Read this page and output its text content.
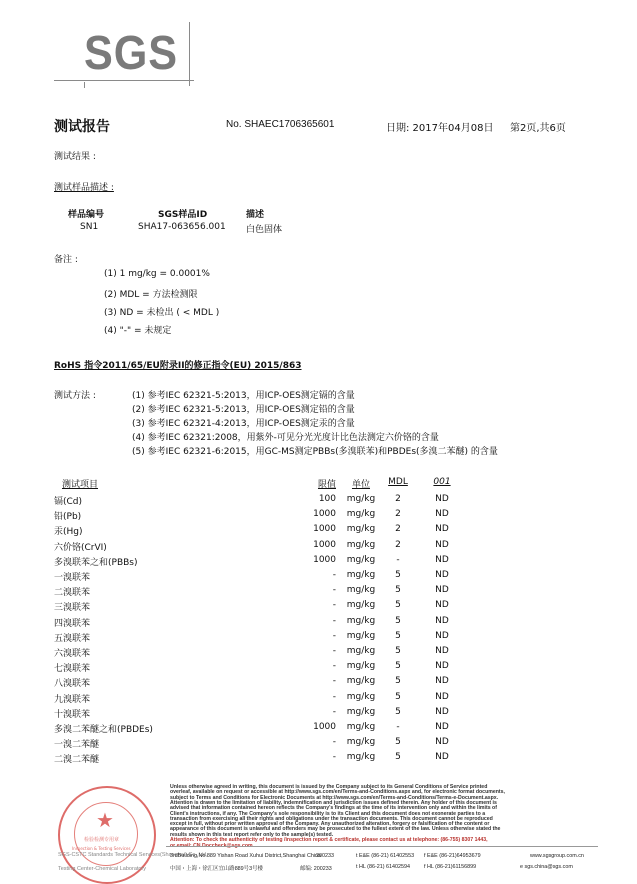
SGS
测试报告	No. SHAEC1706365601	日期: 2017年04月08日 第2页,共6页
测试结果 :
测试样品描述 :
样品编号	SGS样品ID	描述
SN1	SHA17-063656.001 白色固体
备注 :
(1) 1 mg/kg = 0.0001%
(2) MDL = 方法检测限
(3) ND = 未检出 ( < MDL )
(4) "-" = 未规定
RoHS 指令2011/65/EU附录II的修正指令(EU) 2015/863
测试方法 :	(1) 参考IEC 62321-5:2013，用ICP-OES测定镉的含量
(2) 参考IEC 62321-5:2013，用ICP-OES测定铅的含量
(3) 参考IEC 62321-4:2013，用ICP-OES测定汞的含量
(4) 参考IEC 62321:2008，用紫外-可见分光光度计比色法测定六价铬的含量
(5) 参考IEC 62321-6:2015，用GC-MS测定PBBs(多溴联苯)和PBDEs(多溴二苯醚) 的含量
测试项目	限值	单位	MDL	001
镉(Cd)	100	mg/kg	2	ND
铅(Pb)	1000	mg/kg	2	ND
汞(Hg)	1000	mg/kg	2	ND
六价铬(CrVI)	1000	mg/kg	2	ND
多溴联苯之和(PBBs)	1000	mg/kg	-	ND
一溴联苯	-	mg/kg	5	ND
二溴联苯	-	mg/kg	5	ND
三溴联苯	-	mg/kg	5	ND
四溴联苯	-	mg/kg	5	ND
五溴联苯	-	mg/kg	5	ND
六溴联苯	-	mg/kg	5	ND
七溴联苯	-	mg/kg	5	ND
八溴联苯	-	mg/kg	5	ND
九溴联苯	-	mg/kg	5	ND
十溴联苯	-	mg/kg	5	ND
多溴二苯醚之和(PBDEs)	1000	mg/kg	-	ND
一溴二苯醚	-	mg/kg	5	ND
二溴二苯醚	-	mg/kg	5	ND
★
检验检测专用章
Inspection & Testing Services
SGS-CSTC Standards Technical Services(Shanghai) Co.,Ltd.
Testing Center-Chemical Laboratory
Unless otherwise agreed in writing, this document is issued by the Company subject to its General Conditions of Service printed
overleaf, available on request or accessible at http://www.sgs.com/en/Terms-and-Conditions.aspx and, for electronic format documents,
subject to Terms and Conditions for Electronic Documents at http://www.sgs.com/en/Terms-and-Conditions/Terms-e-Document.aspx.
Attention is drawn to the limitation of liability, indemnification and jurisdiction issues defined therein. Any holder of this document is
advised that information contained hereon reflects the Company's findings at the time of its intervention only and within the limits of
Client's instructions, if any. The Company's sole responsibility is to its Client and this document does not exonerate parties to a
transaction from exercising all their rights and obligations under the transaction documents. This document cannot be reproduced
except in full, without prior written approval of the Company. Any unauthorized alteration, forgery or falsification of the content or
appearance of this document is unlawful and offenders may be prosecuted to the fullest extent of the law. Unless otherwise stated the
results shown in this test report refer only to the sample(s) tested.
Attention: To check the authenticity of testing /inspection report & certificate, please contact us at telephone: (86-755) 8307 1443,
3rdBuilding,No.889 Yishan Road Xuhui District,Shanghai China
200233	t E&E (86-21) 61402553 f E&E (86-21)64953679	www.sgsgroup.com.cn
中国・上海・徐汇区宜山路889号3号楼	邮编: 200233	t HL (86-21) 61402594	f HL (86-21)61156899	e sgs.china@sgs.com
